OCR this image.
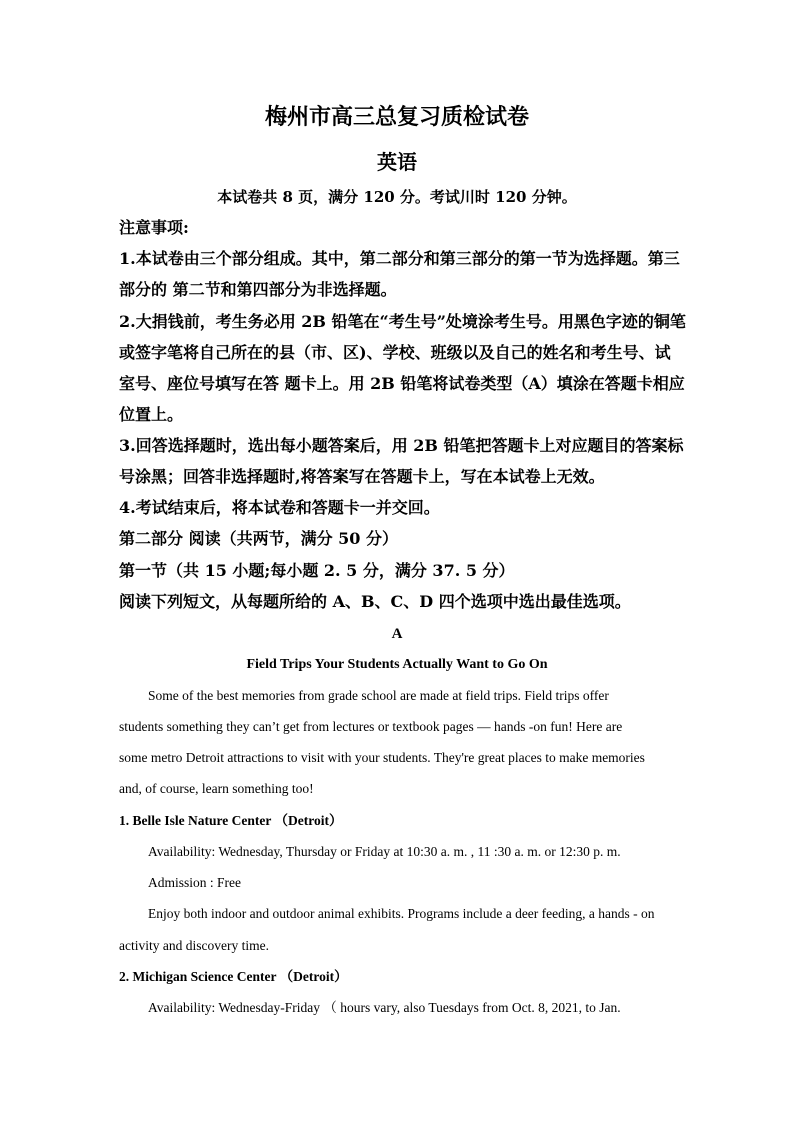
梅州市高三总复习质检试卷
英语
本试卷共 8 页，满分 120 分。考试川时 120 分钟。
注意事项:
1.本试卷由三个部分组成。其中，第二部分和第三部分的第一节为选择题。第三
部分的 第二节和第四部分为非选择题。
2.大捐钱前，考生务必用 2B 铅笔在“考生号”处境涂考生号。用黑色字迹的铜笔
或签字笔将自己所在的县（市、区)、学校、班级以及自己的姓名和考生号、试
室号、座位号填写在答 题卡上。用 2B 铅笔将试卷类型（A）填涂在答题卡相应
位置上。
3.回答选择题时，选出每小题答案后，用 2B 铅笔把答题卡上对应题目的答案标
号涂黑；回答非选择题时,将答案写在答题卡上，写在本试卷上无效。
4.考试结束后，将本试卷和答题卡一并交回。
第二部分 阅读（共两节，满分 50 分）
第一节（共 15 小题;每小题 2. 5 分，满分 37. 5 分）
阅读下列短文，从每题所给的 A、B、C、D 四个选项中选出最佳选项。
A
Field Trips Your Students Actually Want to Go On
Some of the best memories from grade school are made at field trips. Field trips offer
students something they can’t get from lectures or textbook pages — hands -on fun! Here are
some metro Detroit attractions to visit with your students. They're great places to make memories
and, of course, learn something too!
1. Belle Isle Nature Center （Detroit）
Availability: Wednesday, Thursday or Friday at 10:30 a. m. , 11 :30 a. m. or 12:30 p. m.
Admission : Free
Enjoy both indoor and outdoor animal exhibits. Programs include a deer feeding, a hands - on
activity and discovery time.
2. Michigan Science Center （Detroit）
Availability: Wednesday-Friday （ hours vary, also Tuesdays from Oct. 8, 2021, to Jan.
